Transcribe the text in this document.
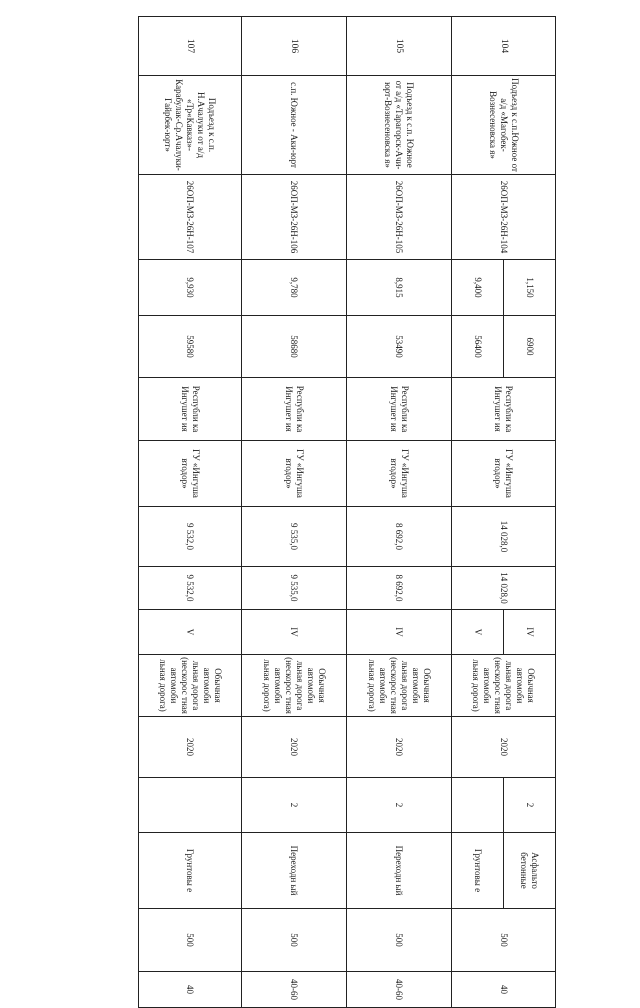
104	Подъезд к с.п.Южное от а/д «Магобек-Вознесеновска я»	26ОП-МЗ-26Н-104	1,150	6900	Республи ка Ингушет ия	ГУ «Ингуша втодор»	14 028,0	14 028,0	IV	Обычная автомоби льная дорога (нескорос тная автомоби льная дорога)	2020	2	Асфальто бетонные	500	40
			9,400	56400					V				Грунтовы е		
105	Подъезд к с.п. Южное от а/д «Тарагорск-Ачи-юрт-Вознесеновска я»	26ОП-МЗ-26Н-105	8,915	53490	Республи ка Ингушет ия	ГУ «Ингуша втодор»	8 692,0	8 692,0	IV	Обычная автомоби льная дорога (нескорос тная автомоби льная дорога)	2020	2	Переходн ый	500	40-60
106	с.п. Южное - Аки-юрт	26ОП-МЗ-26Н-106	9,780	58680	Республи ка Ингушет ия	ГУ «Ингуша втодор»	9 535,0	9 535,0	IV	Обычная автомоби льная дорога (нескорос тная автомоби льная дорога)	2020	2	Переходн ый	500	40-60
107	Подъезд к с.п. Н.Ачалуки от а/д «Тр«Кавказ»-Карабулак-Ср.Ачалуки-Гайрбек-юрт»	26ОП-МЗ-26Н-107	9,930	59580	Республи ка Ингушет ия	ГУ «Ингуша втодор»	9 532,0	9 532,0	V	Обычная автомоби льная дорога (нескорос тная автомоби льная дорога)	2020		Грунтовы е	500	40
